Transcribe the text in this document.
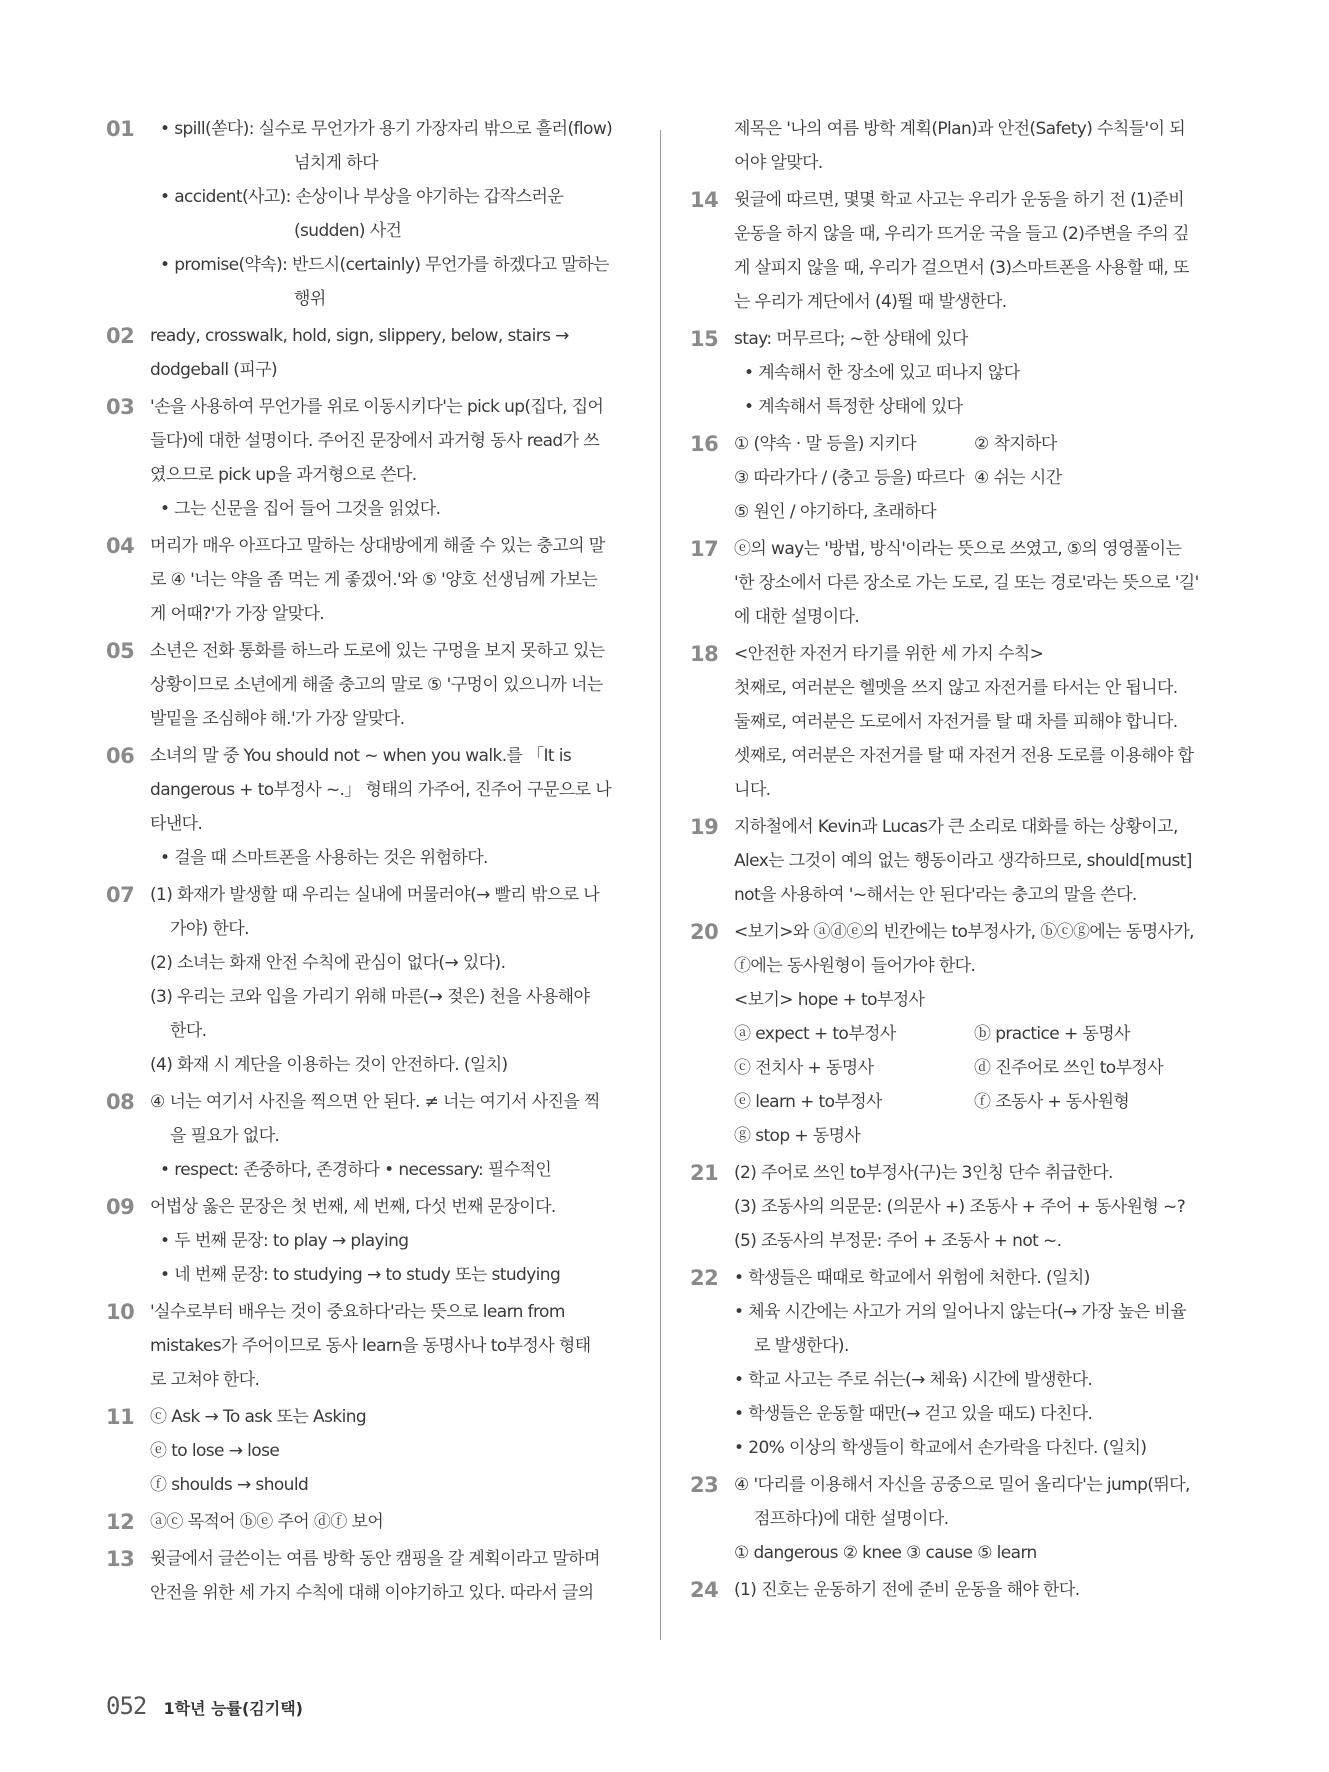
01	• spill(쏟다): 실수로 무언가가 용기 가장자리 밖으로 흘러(flow)
넘치게 하다
• accident(사고): 손상이나 부상을 야기하는 갑작스러운
(sudden) 사건
• promise(약속): 반드시(certainly) 무언가를 하겠다고 말하는
행위
02 ready, crosswalk, hold, sign, slippery, below, stairs →
dodgeball (피구)
03 '손을 사용하여 무언가를 위로 이동시키다'는 pick up(집다, 집어
들다)에 대한 설명이다. 주어진 문장에서 과거형 동사 read가 쓰
였으므로 pick up을 과거형으로 쓴다.
• 그는 신문을 집어 들어 그것을 읽었다.
04 머리가 매우 아프다고 말하는 상대방에게 해줄 수 있는 충고의 말
로 ④ '너는 약을 좀 먹는 게 좋겠어.'와 ⑤ '양호 선생님께 가보는
게 어때?'가 가장 알맞다.
05 소년은 전화 통화를 하느라 도로에 있는 구멍을 보지 못하고 있는
상황이므로 소년에게 해줄 충고의 말로 ⑤ '구멍이 있으니까 너는
발밑을 조심해야 해.'가 가장 알맞다.
06 소녀의 말 중 You should not ~ when you walk.를 「It is
dangerous + to부정사 ~.」 형태의 가주어, 진주어 구문으로 나
타낸다.
• 걸을 때 스마트폰을 사용하는 것은 위험하다.
07 (1) 화재가 발생할 때 우리는 실내에 머물러야(→ 빨리 밖으로 나
가야) 한다.
(2) 소녀는 화재 안전 수칙에 관심이 없다(→ 있다).
(3) 우리는 코와 입을 가리기 위해 마른(→ 젖은) 천을 사용해야
한다.
(4) 화재 시 계단을 이용하는 것이 안전하다. (일치)
08 ④ 너는 여기서 사진을 찍으면 안 된다. ≠ 너는 여기서 사진을 찍
을 필요가 없다.
• respect: 존중하다, 존경하다 • necessary: 필수적인
09 어법상 옳은 문장은 첫 번째, 세 번째, 다섯 번째 문장이다.
• 두 번째 문장: to play → playing
• 네 번째 문장: to studying → to study 또는 studying
10 '실수로부터 배우는 것이 중요하다'라는 뜻으로 learn from
mistakes가 주어이므로 동사 learn을 동명사나 to부정사 형태
로 고쳐야 한다.
11 ⓒ Ask → To ask 또는 Asking
ⓔ to lose → lose
ⓕ shoulds → should
12 ⓐⓒ 목적어 ⓑⓔ 주어 ⓓⓕ 보어
13 윗글에서 글쓴이는 여름 방학 동안 캠핑을 갈 계획이라고 말하며
안전을 위한 세 가지 수칙에 대해 이야기하고 있다. 따라서 글의
제목은 '나의 여름 방학 계획(Plan)과 안전(Safety) 수칙들'이 되
어야 알맞다.
14 윗글에 따르면, 몇몇 학교 사고는 우리가 운동을 하기 전 (1)준비
운동을 하지 않을 때, 우리가 뜨거운 국을 들고 (2)주변을 주의 깊
게 살피지 않을 때, 우리가 걸으면서 (3)스마트폰을 사용할 때, 또
는 우리가 계단에서 (4)뛸 때 발생한다.
15 stay: 머무르다; ~한 상태에 있다
• 계속해서 한 장소에 있고 떠나지 않다
• 계속해서 특정한 상태에 있다
16 ① (약속 · 말 등을) 지키다	② 착지하다
③ 따라가다 / (충고 등을) 따르다 ④ 쉬는 시간
⑤ 원인 / 야기하다, 초래하다
17 ⓔ의 way는 '방법, 방식'이라는 뜻으로 쓰였고, ⑤의 영영풀이는
'한 장소에서 다른 장소로 가는 도로, 길 또는 경로'라는 뜻으로 '길'
에 대한 설명이다.
18 <안전한 자전거 타기를 위한 세 가지 수칙>
첫째로, 여러분은 헬멧을 쓰지 않고 자전거를 타서는 안 됩니다.
둘째로, 여러분은 도로에서 자전거를 탈 때 차를 피해야 합니다.
셋째로, 여러분은 자전거를 탈 때 자전거 전용 도로를 이용해야 합
니다.
19 지하철에서 Kevin과 Lucas가 큰 소리로 대화를 하는 상황이고,
Alex는 그것이 예의 없는 행동이라고 생각하므로, should[must]
not을 사용하여 '~해서는 안 된다'라는 충고의 말을 쓴다.
20 <보기>와 ⓐⓓⓔ의 빈칸에는 to부정사가, ⓑⓒⓖ에는 동명사가,
ⓕ에는 동사원형이 들어가야 한다.
<보기> hope + to부정사
ⓐ expect + to부정사	ⓑ practice + 동명사
ⓒ 전치사 + 동명사	ⓓ 진주어로 쓰인 to부정사
ⓔ learn + to부정사	ⓕ 조동사 + 동사원형
ⓖ stop + 동명사
21 (2) 주어로 쓰인 to부정사(구)는 3인칭 단수 취급한다.
(3) 조동사의 의문문: (의문사 +) 조동사 + 주어 + 동사원형 ~?
(5) 조동사의 부정문: 주어 + 조동사 + not ~.
22 • 학생들은 때때로 학교에서 위험에 처한다. (일치)
• 체육 시간에는 사고가 거의 일어나지 않는다(→ 가장 높은 비율
로 발생한다).
• 학교 사고는 주로 쉬는(→ 체육) 시간에 발생한다.
• 학생들은 운동할 때만(→ 걷고 있을 때도) 다친다.
• 20% 이상의 학생들이 학교에서 손가락을 다친다. (일치)
23 ④ '다리를 이용해서 자신을 공중으로 밀어 올리다'는 jump(뛰다,
점프하다)에 대한 설명이다.
① dangerous ② knee ③ cause ⑤ learn
24 (1) 진호는 운동하기 전에 준비 운동을 해야 한다.
052 1학년 능률(김기택)
